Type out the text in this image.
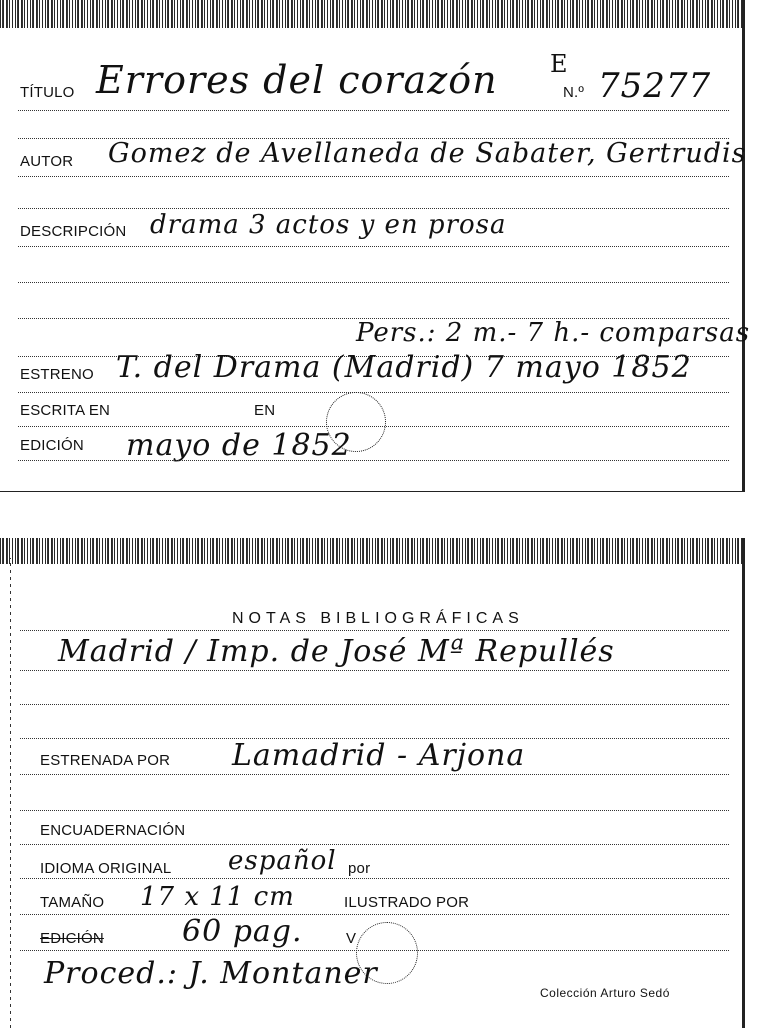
TÍTULO Errores del corazón E
N.º 75277
AUTOR Gomez de Avellaneda de Sabater, Gertrudis
DESCRIPCIÓN drama 3 actos y en prosa
Pers.: 2 m.- 7 h.- comparsas
ESTRENO T. del Drama (Madrid) 7 mayo 1852
ESCRITA EN	EN
EDICIÓN mayo de 1852
NOTAS BIBLIOGRÁFICAS
Madrid / Imp. de José Mª Repullés
ESTRENADA POR Lamadrid - Arjona
ENCUADERNACIÓN
IDIOMA ORIGINAL español por
TAMAÑO 17 x 11 cm	ILUSTRADO POR
EDICIÓN	60 pag.	V
Proced.: J. Montaner
Colección Arturo Sedó
